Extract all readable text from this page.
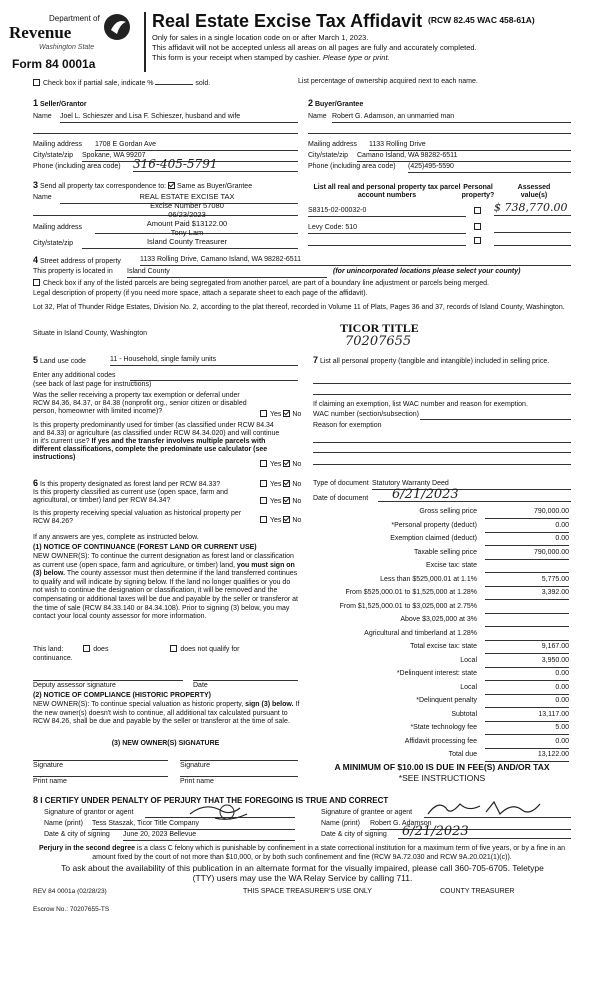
Department of
Revenue
Washington State
Form 84 0001a
Real Estate Excise Tax Affidavit (RCW 82.45 WAC 458-61A)
Only for sales in a single location code on or after March 1, 2023.
This affidavit will not be accepted unless all areas on all pages are fully and accurately completed.
This form is your receipt when stamped by cashier. Please type or print.
Check box if partial sale, indicate %	sold.	List percentage of ownership acquired next to each name.
1 Seller/Grantor
Name Joel L. Schieszer and Lisa F. Schieszer, husband and wife
Mailing address 1708 E Gordan Ave
City/state/zip Spokane, WA 99207
Phone (including area code) 316-405-5791
2 Buyer/Grantee
Name Robert G. Adamson, an unmarried man
Mailing address 1133 Rolling Drive
City/state/zip Camano Island, WA 98282-6511
Phone (including area code) (425)495-5590
3 Send all property tax correspondence to: Same as Buyer/Grantee
Name
Mailing address
City/state/zip
REAL ESTATE EXCISE TAX
Excise Number 57080
06/23/2023
Amount Paid $13122.00
Tony Lam
Island County Treasurer
List all real and personal property tax parcel account numbers
Personal property?
Assessed value(s)
S8315-02-00032-0	$ 738,770.00
Levy Code: 510
4 Street address of property	1133 Rolling Drive, Camano Island, WA 98282-6511
This property is located in Island County	(for unincorporated locations please select your county)
Check box if any of the listed parcels are being segregated from another parcel, are part of a boundary line adjustment or parcels being merged.
Legal description of property (if you need more space, attach a separate sheet to each page of the affidavit).
Lot 32, Plat of Thunder Ridge Estates, Division No. 2, according to the plat thereof, recorded in Volume 11 of Plats, Pages 36 and 37, records of Island County, Washington.
Situate in Island County, Washington	TICOR TITLE
70207655
5 Land use code	11 - Household, single family units
Enter any additional codes
(see back of last page for instructions)
Was the seller receiving a property tax exemption or deferral under RCW 84.36, 84.37, or 84.38 (nonprofit org., senior citizen or disabled person, homeowner with limited income)?	Yes No
Is this property predominantly used for timber (as classified under RCW 84.34 and 84.33) or agriculture (as classified under RCW 84.34.020) and will continue in it's current use? If yes and the transfer involves multiple parcels with different classifications, complete the predominate use calculator (see instructions)
Yes No
7 List all personal property (tangible and intangible) included in selling price.
If claiming an exemption, list WAC number and reason for exemption.
WAC number (section/subsection)
Reason for exemption
6 Is this property designated as forest land per RCW 84.33?	Yes No
Is this property classified as current use (open space, farm and agricultural, or timber) land per RCW 84.34?	Yes No
Is this property receiving special valuation as historical property per RCW 84.26?	Yes No
If any answers are yes, complete as instructed below.
(1) NOTICE OF CONTINUANCE (FOREST LAND OR CURRENT USE)
NEW OWNER(S): To continue the current designation as forest land or classification as current use (open space, farm and agriculture, or timber) land, you must sign on (3) below. The county assessor must then determine if the land transferred continues to qualify and will indicate by signing below. If the land no longer qualifies or you do not wish to continue the designation or classification, it will be removed and the compensating or additional taxes will be due and payable by the seller or transferor at the time of sale (RCW 84.33.140 or 84.34.108). Prior to signing (3) below, you may contact your local county assessor for more information.
This land:	does	does not qualify for
continuance.
Deputy assessor signature	Date
(2) NOTICE OF COMPLIANCE (HISTORIC PROPERTY)
NEW OWNER(S): To continue special valuation as historic property, sign (3) below. If the new owner(s) doesn't wish to continue, all additional tax calculated pursuant to RCW 84.26, shall be due and payable by the seller or transferor at the time of sale.
(3) NEW OWNER(S) SIGNATURE
Signature	Signature
Print name	Print name
Type of document Statutory Warranty Deed
Date of document	6/21/2023
Gross selling price	790,000.00
*Personal property (deduct)	0.00
Exemption claimed (deduct)	0.00
Taxable selling price	790,000.00
Excise tax: state
Less than $525,000.01 at 1.1%	5,775.00
From $525,000.01 to $1,525,000 at 1.28%	3,392.00
From $1,525,000.01 to $3,025,000 at 2.75%
Above $3,025,000 at 3%
Agricultural and timberland at 1.28%
Total excise tax: state	9,167.00
Local	3,950.00
*Delinquent interest: state	0.00
Local	0.00
*Delinquent penalty	0.00
Subtotal	13,117.00
*State technology fee	5.00
Affidavit processing fee	0.00
Total due	13,122.00
A MINIMUM OF $10.00 IS DUE IN FEE(S) AND/OR TAX
*SEE INSTRUCTIONS
8 I CERTIFY UNDER PENALTY OF PERJURY THAT THE FOREGOING IS TRUE AND CORRECT
Signature of grantor or agent
Name (print) Tess Staszak, Ticor Title Company
Date & city of signing June 20, 2023 Bellevue
Signature of grantee or agent
Name (print) Robert G. Adamson
Date & city of signing	6/21/2023
Perjury in the second degree is a class C felony which is punishable by confinement in a state correctional institution for a maximum term of five years, or by a fine in an amount fixed by the court of not more than $10,000, or by both such confinement and fine (RCW 9A.72.030 and RCW 9A.20.021(1)(c)).
To ask about the availability of this publication in an alternate format for the visually impaired, please call 360-705-6705. Teletype (TTY) users may use the WA Relay Service by calling 711.
REV 84 0001a (02/28/23)	THIS SPACE TREASURER'S USE ONLY	COUNTY TREASURER
Escrow No.: 70207655-TS
